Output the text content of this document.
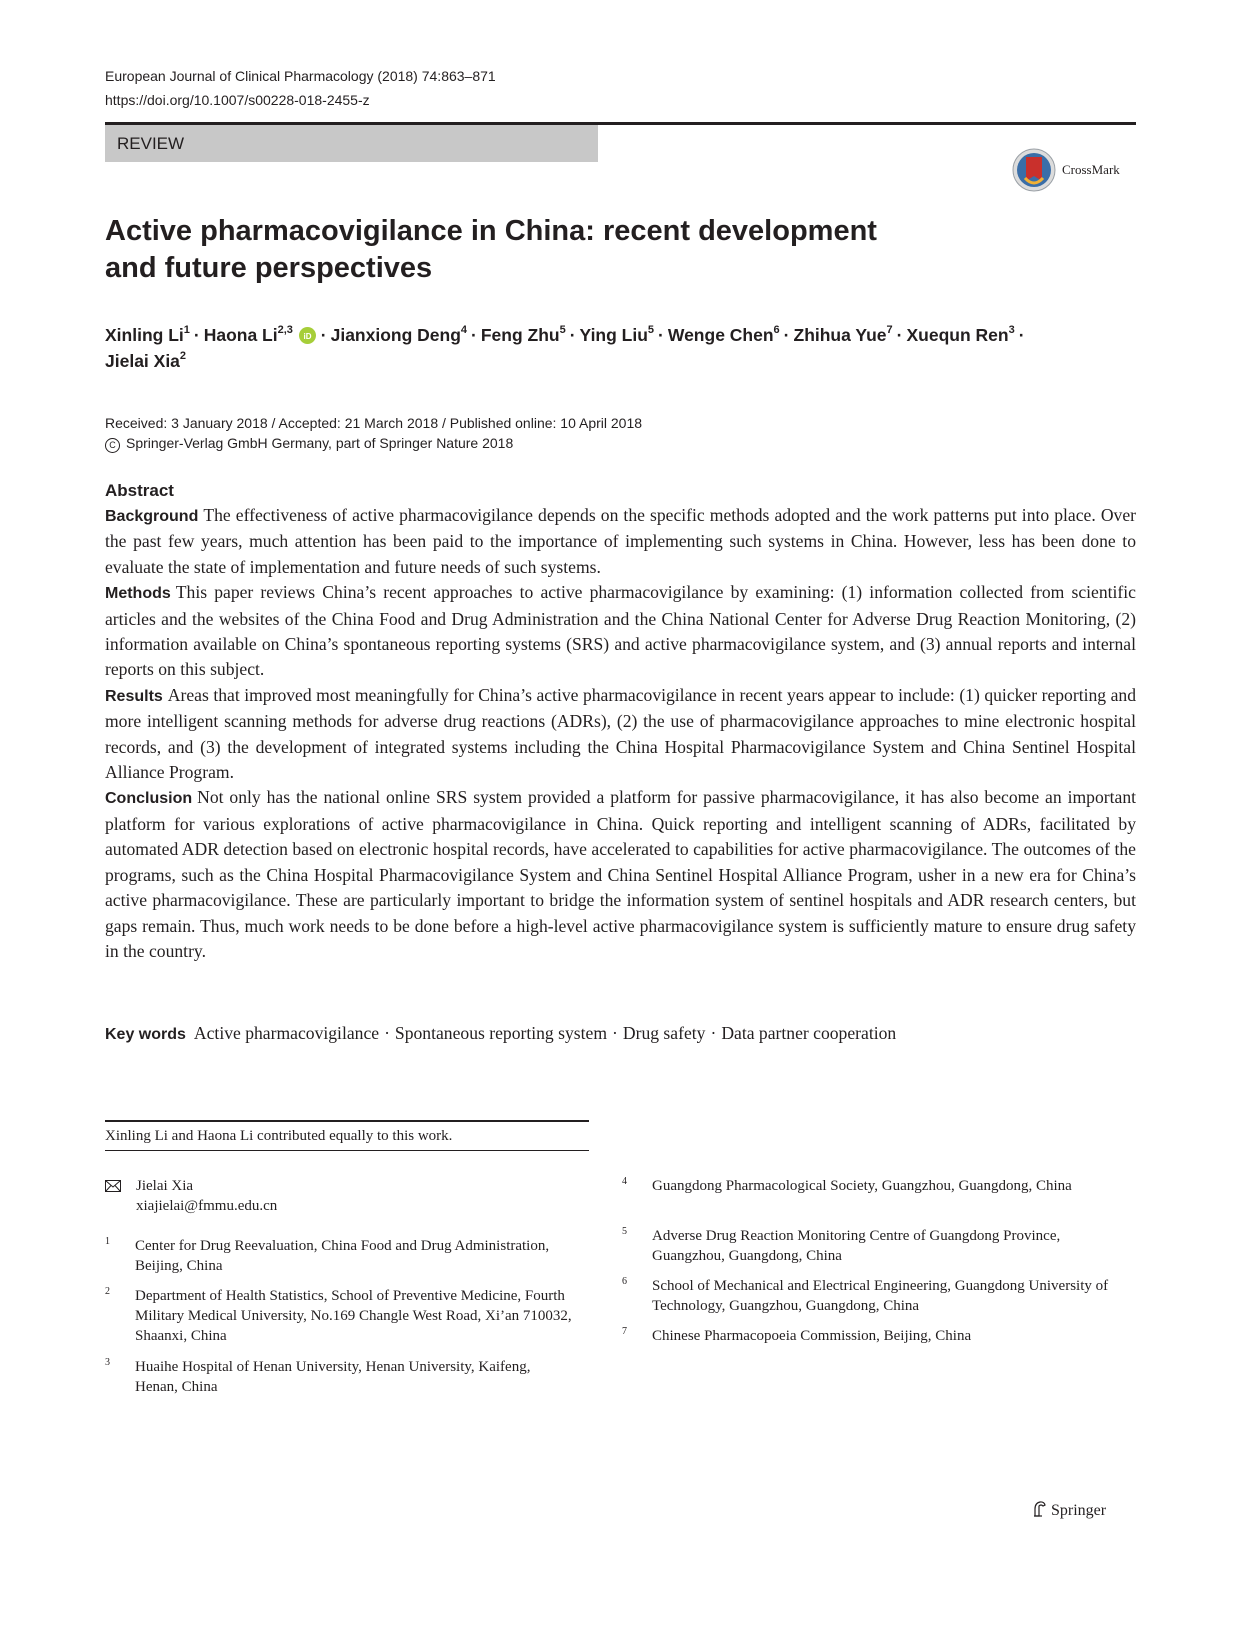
European Journal of Clinical Pharmacology (2018) 74:863–871
https://doi.org/10.1007/s00228-018-2455-z
REVIEW
CrossMark
Active pharmacovigilance in China: recent development
and future perspectives
Xinling $Li^1$ · Haona Li$^{2,3}$
iD · Jianxiong Deng$^4$ · Feng Zhu$^5$ · Ying Liu$^5$ · Wenge Chen$^6$ · Zhihua Yue$^7$ · Xuequn Ren$^3$ ·
Jielai Xia$^2$
Received: 3 January 2018 / Accepted: 21 March 2018 / Published online: 10 April 2018
C Springer-Verlag GmbH Germany, part of Springer Nature 2018
Abstract

Background The effectiveness of active pharmacovigilance depends on the specific methods adopted and the work patterns put into place. Over the past few years, much attention has been paid to the importance of implementing such systems in China. However, less has been done to evaluate the state of implementation and future needs of such systems.

Methods This paper reviews China’s recent approaches to active pharmacovigilance by examining: (1) information collected from scientific articles and the websites of the China Food and Drug Administration and the China National Center for Adverse Drug Reaction Monitoring, (2) information available on China’s spontaneous reporting systems (SRS) and active pharmacovigilance system, and (3) annual reports and internal reports on this subject.

Results Areas that improved most meaningfully for China’s active pharmacovigilance in recent years appear to include: (1) quicker reporting and more intelligent scanning methods for adverse drug reactions (ADRs), (2) the use of pharmacovigilance approaches to mine electronic hospital records, and (3) the development of integrated systems including the China Hospital Pharmacovigilance System and China Sentinel Hospital Alliance Program.

Conclusion Not only has the national online SRS system provided a platform for passive pharmacovigilance, it has also become an important platform for various explorations of active pharmacovigilance in China. Quick reporting and intelligent scanning of ADRs, facilitated by automated ADR detection based on electronic hospital records, have accelerated to capabilities for active pharmacovigilance. The outcomes of the programs, such as the China Hospital Pharmacovigilance System and China Sentinel Hospital Alliance Program, usher in a new era for China’s active pharmacovigilance. These are particularly important to bridge the information system of sentinel hospitals and ADR research centers, but gaps remain. Thus, much work needs to be done before a high-level active pharmacovigilance system is sufficiently mature to ensure drug safety in the country.

Key words Active pharmacovigilance · Spontaneous reporting system · Drug safety · Data partner cooperation
Xinling Li and Haona Li contributed equally to this work.
Jielai Xia
xiajielai@fmmu.edu.cn
1 Center for Drug Reevaluation, China Food and Drug Administration, Beijing, China
2 Department of Health Statistics, School of Preventive Medicine, Fourth Military Medical University, No.169 Changle West Road, Xi’an 710032, Shaanxi, China
3 Huaihe Hospital of Henan University, Henan University, Kaifeng, Henan, China
4 Guangdong Pharmacological Society, Guangzhou, Guangdong, China
5 Adverse Drug Reaction Monitoring Centre of Guangdong Province, Guangzhou, Guangdong, China
6 School of Mechanical and Electrical Engineering, Guangdong University of Technology, Guangzhou, Guangdong, China
7 Chinese Pharmacopoeia Commission, Beijing, China
Springer
